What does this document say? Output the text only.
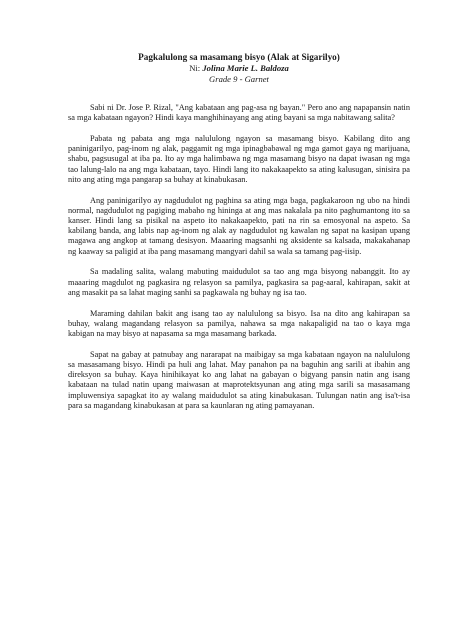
Pagkalulong sa masamang bisyo (Alak at Sigarilyo)
Ni: Jolina Marie L. Baldoza
Grade 9 - Garnet

Sabi ni Dr. Jose P. Rizal, "Ang kabataan ang pag-asa ng bayan." Pero ano ang napapansin natin sa mga kabataan ngayon? Hindi kaya manghihinayang ang ating bayani sa mga nabitawang salita?

Pabata ng pabata ang mga nalululong ngayon sa masamang bisyo. Kabilang dito ang paninigarilyo, pag-inom ng alak, paggamit ng mga ipinagbabawal ng mga gamot gaya ng marijuana, shabu, pagsusugal at iba pa. Ito ay mga halimbawa ng mga masamang bisyo na dapat iwasan ng mga tao lalung-lalo na ang mga kabataan, tayo. Hindi lang ito nakakaapekto sa ating kalusugan, sinisira pa nito ang ating mga pangarap sa buhay at kinabukasan.

Ang paninigarilyo ay nagdudulot ng paghina sa ating mga baga, pagkakaroon ng ubo na hindi normal, nagdudulot ng pagiging mabaho ng hininga at ang mas nakalala pa nito paghumantong ito sa kanser. Hindi lang sa pisikal na aspeto ito nakakaapekto, pati na rin sa emosyonal na aspeto. Sa kabilang banda, ang labis nap ag-inom ng alak ay nagdudulot ng kawalan ng sapat na kasipan upang magawa ang angkop at tamang desisyon. Maaaring magsanhi ng aksidente sa kalsada, makakahanap ng kaaway sa paligid at iba pang masamang mangyari dahil sa wala sa tamang pag-iisip.

Sa madaling salita, walang mabuting maidudulot sa tao ang mga bisyong nabanggit. Ito ay maaaring magdulot ng pagkasira ng relasyon sa pamilya, pagkasira sa pag-aaral, kahirapan, sakit at ang masakit pa sa lahat maging sanhi sa pagkawala ng buhay ng isa tao.

Maraming dahilan bakit ang isang tao ay nalululong sa bisyo. Isa na dito ang kahirapan sa buhay, walang magandang relasyon sa pamilya, nahawa sa mga nakapaligid na tao o kaya mga kabigan na may bisyo at napasama sa mga masamang barkada.

Sapat na gabay at patnubay ang nararapat na maibigay sa mga kabataan ngayon na nalululong sa masasamang bisyo. Hindi pa huli ang lahat. May panahon pa na baguhin ang sarili at ibahin ang direksyon sa buhay. Kaya hinihikayat ko ang lahat na gabayan o bigyang pansin natin ang isang kabataan na tulad natin upang maiwasan at maprotektsyunan ang ating mga sarili sa masasamang impluwensiya sapagkat ito ay walang maidudulot sa ating kinabukasan. Tulungan natin ang isa't-isa para sa magandang kinabukasan at para sa kaunlaran ng ating pamayanan.
